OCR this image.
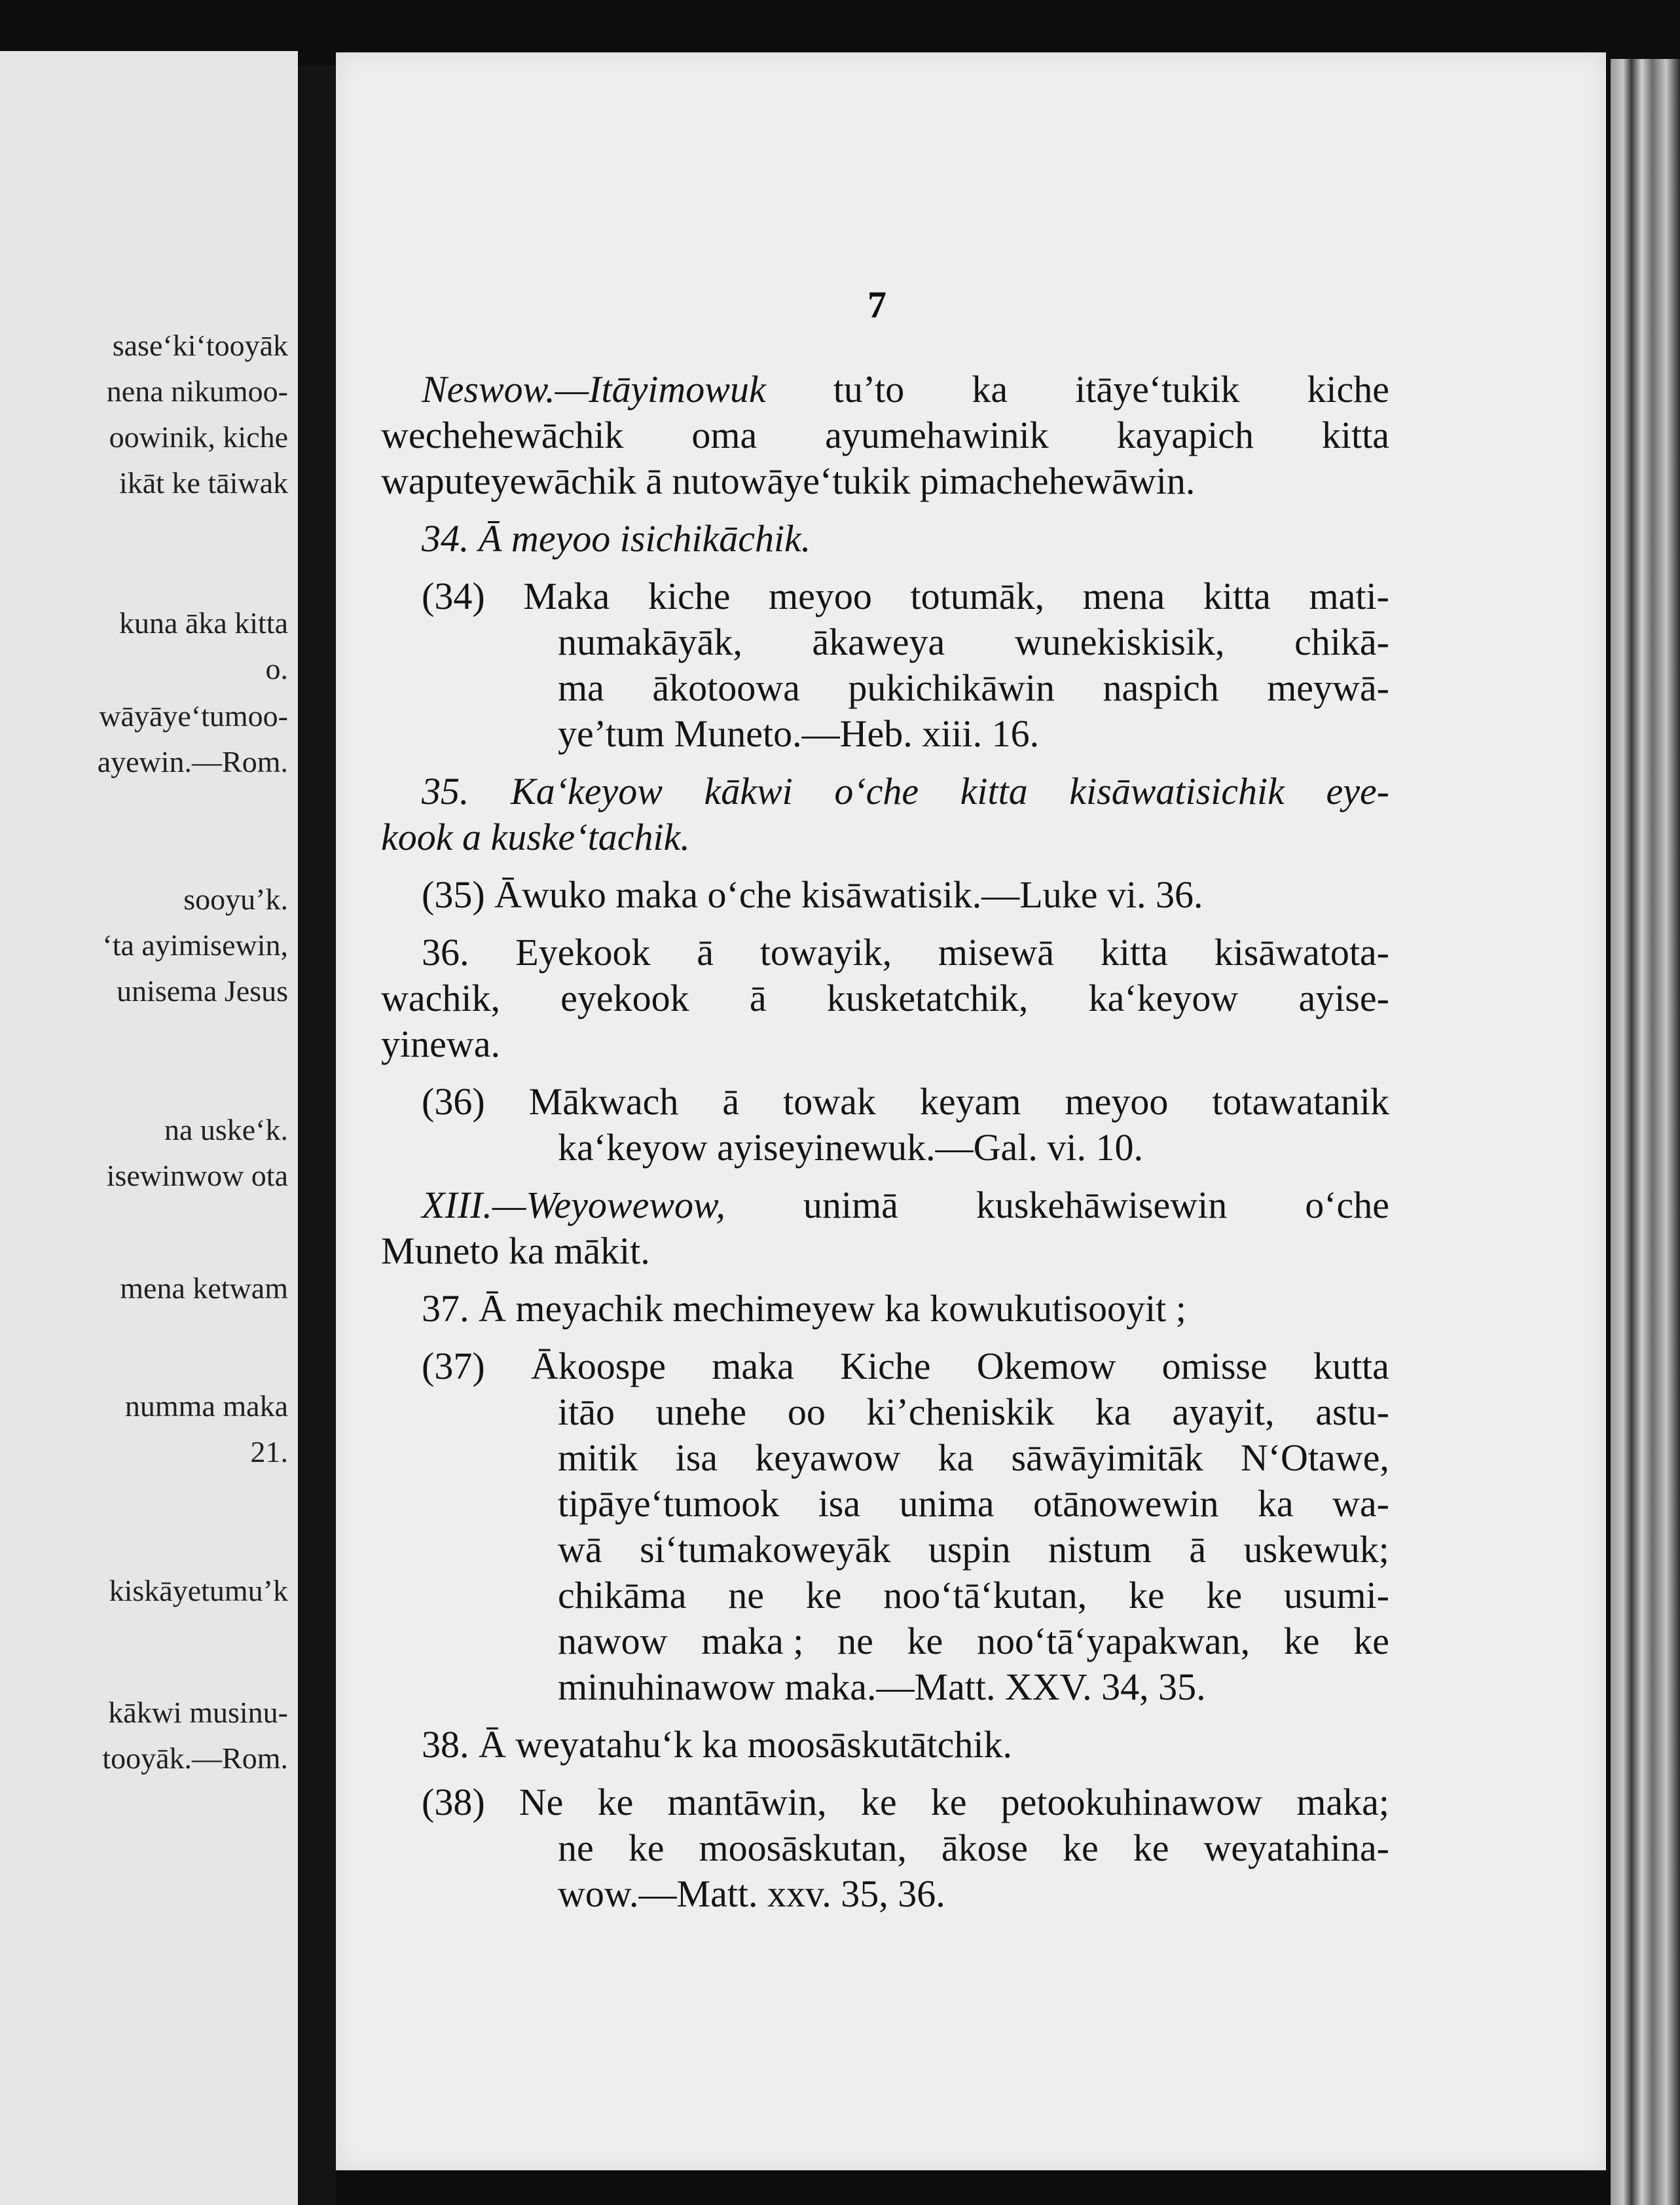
sase‘ki‘tooyāk
nena nikumoo-
oowinik, kiche
ikāt ke tāiwak
kuna āka kitta
o.
wāyāye‘tumoo-
ayewin.—Rom.
sooyu’k.
‘ta ayimisewin,
unisema Jesus
na uske‘k.
isewinwow ota
mena ketwam
numma maka
21.
kiskāyetumu’k
kākwi musinu-
tooyāk.—Rom.
7
Neswow.—Itāyimowuk tu’to ka itāye‘tukik kiche
wechehewāchik oma ayumehawinik kayapich kitta
waputeyewāchik ā nutowāye‘tukik pimachehewāwin.
34. Ā meyoo isichikāchik.
(34) Maka kiche meyoo totumāk, mena kitta mati-
numakāyāk, ākaweya wunekiskisik, chikā-
ma ākotoowa pukichikāwin naspich meywā-
ye’tum Muneto.—Heb. xiii. 16.
35. Ka‘keyow kākwi o‘che kitta kisāwatisichik eye-
kook a kuske‘tachik.
(35) Āwuko maka o‘che kisāwatisik.—Luke vi. 36.
36. Eyekook ā towayik, misewā kitta kisāwatota-
wachik, eyekook ā kusketatchik, ka‘keyow ayise-
yinewa.
(36) Mākwach ā towak keyam meyoo totawatanik
ka‘keyow ayiseyinewuk.—Gal. vi. 10.
XIII.—Weyowewow, unimā kuskehāwisewin o‘che
Muneto ka mākit.
37. Ā meyachik mechimeyew ka kowukutisooyit ;
(37) Ākoospe maka Kiche Okemow omisse kutta
itāo unehe oo ki’cheniskik ka ayayit, astu-
mitik isa keyawow ka sāwāyimitāk N‘Otawe,
tipāye‘tumook isa unima otānowewin ka wa-
wā si‘tumakoweyāk uspin nistum ā uskewuk;
chikāma ne ke noo‘tā‘kutan, ke ke usumi-
nawow maka ; ne ke noo‘tā‘yapakwan, ke ke
minuhinawow maka.—Matt. XXV. 34, 35.
38. Ā weyatahu‘k ka moosāskutātchik.
(38) Ne ke mantāwin, ke ke petookuhinawow maka;
ne ke moosāskutan, ākose ke ke weyatahina-
wow.—Matt. xxv. 35, 36.
